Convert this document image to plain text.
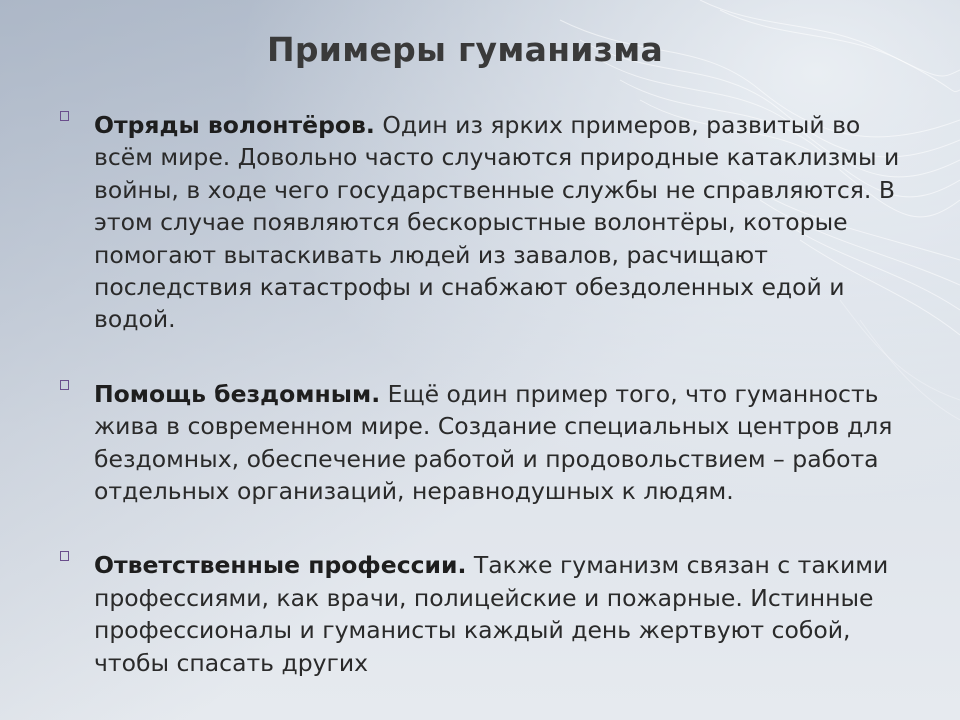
Примеры гуманизма
Отряды волонтёров. Один из ярких примеров, развитый во всём мире. Довольно часто случаются природные катаклизмы и войны, в ходе чего государственные службы не справляются. В этом случае появляются бескорыстные волонтёры, которые помогают вытаскивать людей из завалов, расчищают последствия катастрофы и снабжают обездоленных едой и водой.
Помощь бездомным. Ещё один пример того, что гуманность жива в современном мире. Создание специальных центров для бездомных, обеспечение работой и продовольствием – работа отдельных организаций, неравнодушных к людям.
Ответственные профессии. Также гуманизм связан с такими профессиями, как врачи, полицейские и пожарные. Истинные профессионалы и гуманисты каждый день жертвуют собой, чтобы спасать других
